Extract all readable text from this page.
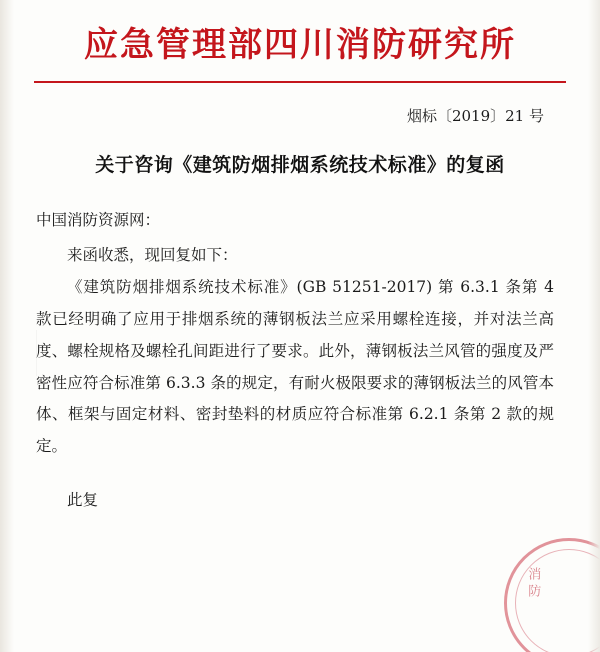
应急管理部四川消防研究所
烟标〔2019〕21 号
关于咨询《建筑防烟排烟系统技术标准》的复函

中国消防资源网：

来函收悉，现回复如下：

《建筑防烟排烟系统技术标准》(GB 51251-2017) 第 6.3.1 条第 4 款已经明确了应用于排烟系统的薄钢板法兰应采用螺栓连接，并对法兰高度、螺栓规格及螺栓孔间距进行了要求。此外，薄钢板法兰风管的强度及严密性应符合标准第 6.3.3 条的规定，有耐火极限要求的薄钢板法兰的风管本体、框架与固定材料、密封垫料的材质应符合标准第 6.2.1 条第 2 款的规定。

此复

消防
